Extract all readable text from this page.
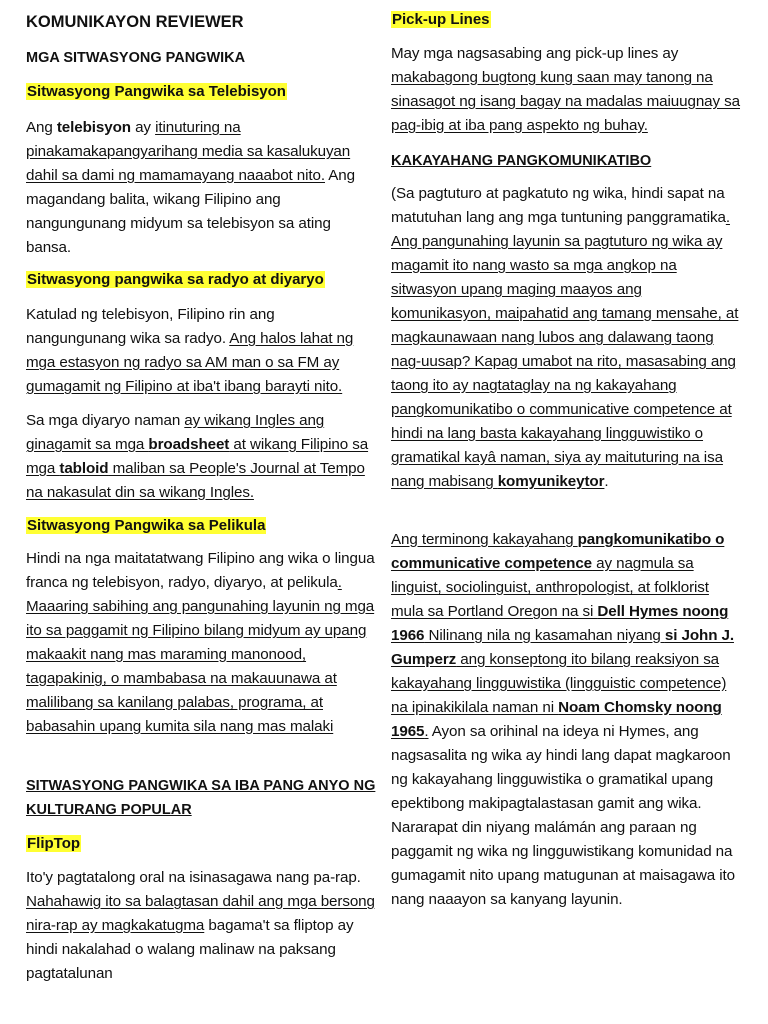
KOMUNIKAYON REVIEWER
MGA SITWASYONG PANGWIKA
Sitwasyong Pangwika sa Telebisyon

Ang telebisyon ay itinuturing na pinakamakapangyarihang media sa kasalukuyan dahil sa dami ng mamamayang naaabot nito. Ang magandang balita, wikang Filipino ang nangungunang midyum sa telebisyon sa ating bansa.

Sitwasyong pangwika sa radyo at diyaryo

Katulad ng telebisyon, Filipino rin ang nangungunang wika sa radyo. Ang halos lahat ng mga estasyon ng radyo sa AM man o sa FM ay gumagamit ng Filipino at iba't ibang barayti nito.

Sa mga diyaryo naman ay wikang Ingles ang ginagamit sa mga broadsheet at wikang Filipino sa mga tabloid maliban sa People's Journal at Tempo na nakasulat din sa wikang Ingles.

Sitwasyong Pangwika sa Pelikula

Hindi na nga maitatatwang Filipino ang wika o lingua franca ng telebisyon, radyo, diyaryo, at pelikula. Maaaring sabihing ang pangunahing layunin ng mga ito sa paggamit ng Filipino bilang midyum ay upang makaakit nang mas maraming manonood, tagapakinig, o mambabasa na makauunawa at malilibang sa kanilang palabas, programa, at babasahin upang kumita sila nang mas malaki

SITWASYONG PANGWIKA SA IBA PANG ANYO NG KULTURANG POPULAR

FlipTop

Ito'y pagtatalong oral na isinasagawa nang pa-rap. Nahahawig ito sa balagtasan dahil ang mga bersong nira-rap ay magkakatugma bagama't sa fliptop ay hindi nakalahad o walang malinaw na paksang pagtatalunan

Pick-up Lines

May mga nagsasabing ang pick-up lines ay makabagong bugtong kung saan may tanong na sinasagot ng isang bagay na madalas maiuugnay sa pag-ibig at iba pang aspekto ng buhay.

KAKAYAHANG PANGKOMUNIKATIBO

(Sa pagtuturo at pagkatuto ng wika, hindi sapat na matutuhan lang ang mga tuntuning panggramatika. Ang pangunahing layunin sa pagtuturo ng wika ay magamit ito nang wasto sa mga angkop na sitwasyon upang maging maayos ang komunikasyon, maipahatid ang tamang mensahe, at magkaunawaan nang lubos ang dalawang taong nag-uusap? Kapag umabot na rito, masasabing ang taong ito ay nagtataglay na ng kakayahang pangkomunikatibo o communicative competence at hindi na lang basta kakayahang lingguwistiko o gramatikal kayâ naman, siya ay maituturing na isa nang mabisang komyunikeytor.

Ang terminong kakayahang pangkomunikatibo o communicative competence ay nagmula sa linguist, sociolinguist, anthropologist, at folklorist mula sa Portland Oregon na si Dell Hymes noong 1966 Nilinang nila ng kasamahan niyang si John J. Gumperz ang konseptong ito bilang reaksiyon sa kakayahang lingguwistika (lingguistic competence) na ipinakikilala naman ni Noam Chomsky noong 1965. Ayon sa orihinal na ideya ni Hymes, ang nagsasalita ng wika ay hindi lang dapat magkaroon ng kakayahang lingguwistika o gramatikal upang epektibong makipagtalastasan gamit ang wika. Nararapat din niyang malámán ang paraan ng paggamit ng wika ng lingguwistikang komunidad na gumagamit nito upang matugunan at maisagawa ito nang naaayon sa kanyang layunin.
